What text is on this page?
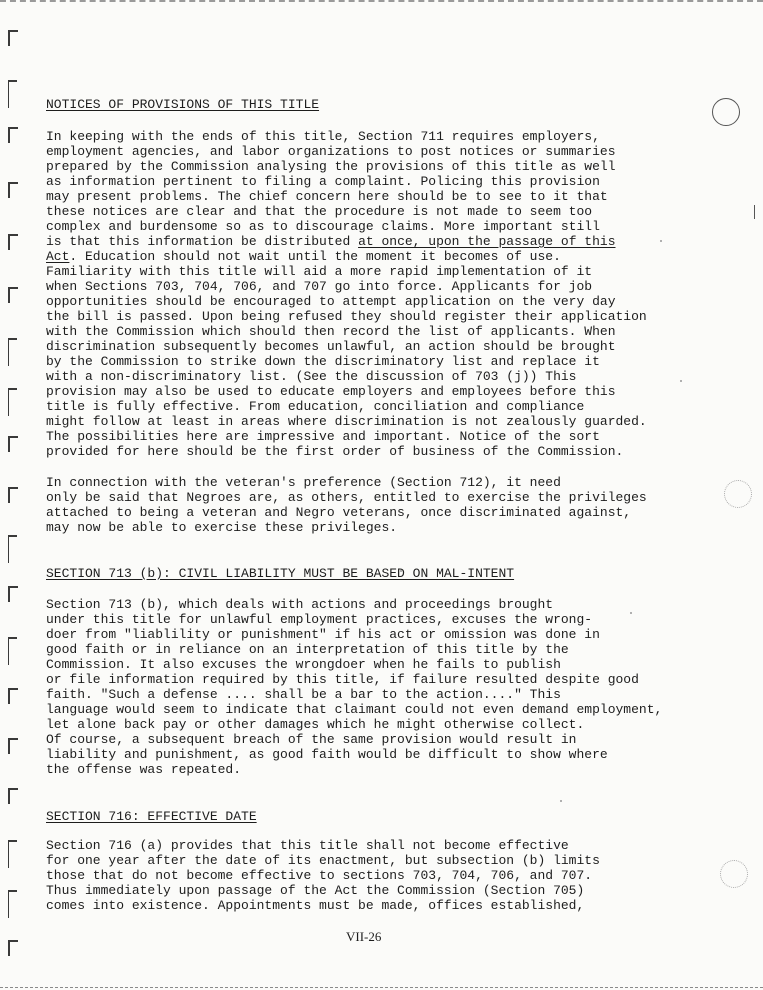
NOTICES OF PROVISIONS OF THIS TITLE
In keeping with the ends of this title, Section 711 requires employers,
employment agencies, and labor organizations to post notices or summaries
prepared by the Commission analysing the provisions of this title as well
as information pertinent to filing a complaint. Policing this provision
may present problems. The chief concern here should be to see to it that
these notices are clear and that the procedure is not made to seem too
complex and burdensome so as to discourage claims. More important still
is that this information be distributed at once, upon the passage of this
Act. Education should not wait until the moment it becomes of use.
Familiarity with this title will aid a more rapid implementation of it
when Sections 703, 704, 706, and 707 go into force. Applicants for job
opportunities should be encouraged to attempt application on the very day
the bill is passed. Upon being refused they should register their application
with the Commission which should then record the list of applicants. When
discrimination subsequently becomes unlawful, an action should be brought
by the Commission to strike down the discriminatory list and replace it
with a non-discriminatory list. (See the discussion of 703 (j)) This
provision may also be used to educate employers and employees before this
title is fully effective. From education, conciliation and compliance
might follow at least in areas where discrimination is not zealously guarded.
The possibilities here are impressive and important. Notice of the sort
provided for here should be the first order of business of the Commission.
In connection with the veteran's preference (Section 712), it need
only be said that Negroes are, as others, entitled to exercise the privileges
attached to being a veteran and Negro veterans, once discriminated against,
may now be able to exercise these privileges.
SECTION 713 (b): CIVIL LIABILITY MUST BE BASED ON MAL-INTENT
Section 713 (b), which deals with actions and proceedings brought
under this title for unlawful employment practices, excuses the wrong-
doer from "liablility or punishment" if his act or omission was done in
good faith or in reliance on an interpretation of this title by the
Commission. It also excuses the wrongdoer when he fails to publish
or file information required by this title, if failure resulted despite good
faith. "Such a defense .... shall be a bar to the action...." This
language would seem to indicate that claimant could not even demand employment,
let alone back pay or other damages which he might otherwise collect.
Of course, a subsequent breach of the same provision would result in
liability and punishment, as good faith would be difficult to show where
the offense was repeated.
SECTION 716: EFFECTIVE DATE
Section 716 (a) provides that this title shall not become effective
for one year after the date of its enactment, but subsection (b) limits
those that do not become effective to sections 703, 704, 706, and 707.
Thus immediately upon passage of the Act the Commission (Section 705)
comes into existence. Appointments must be made, offices established,
VII-26
